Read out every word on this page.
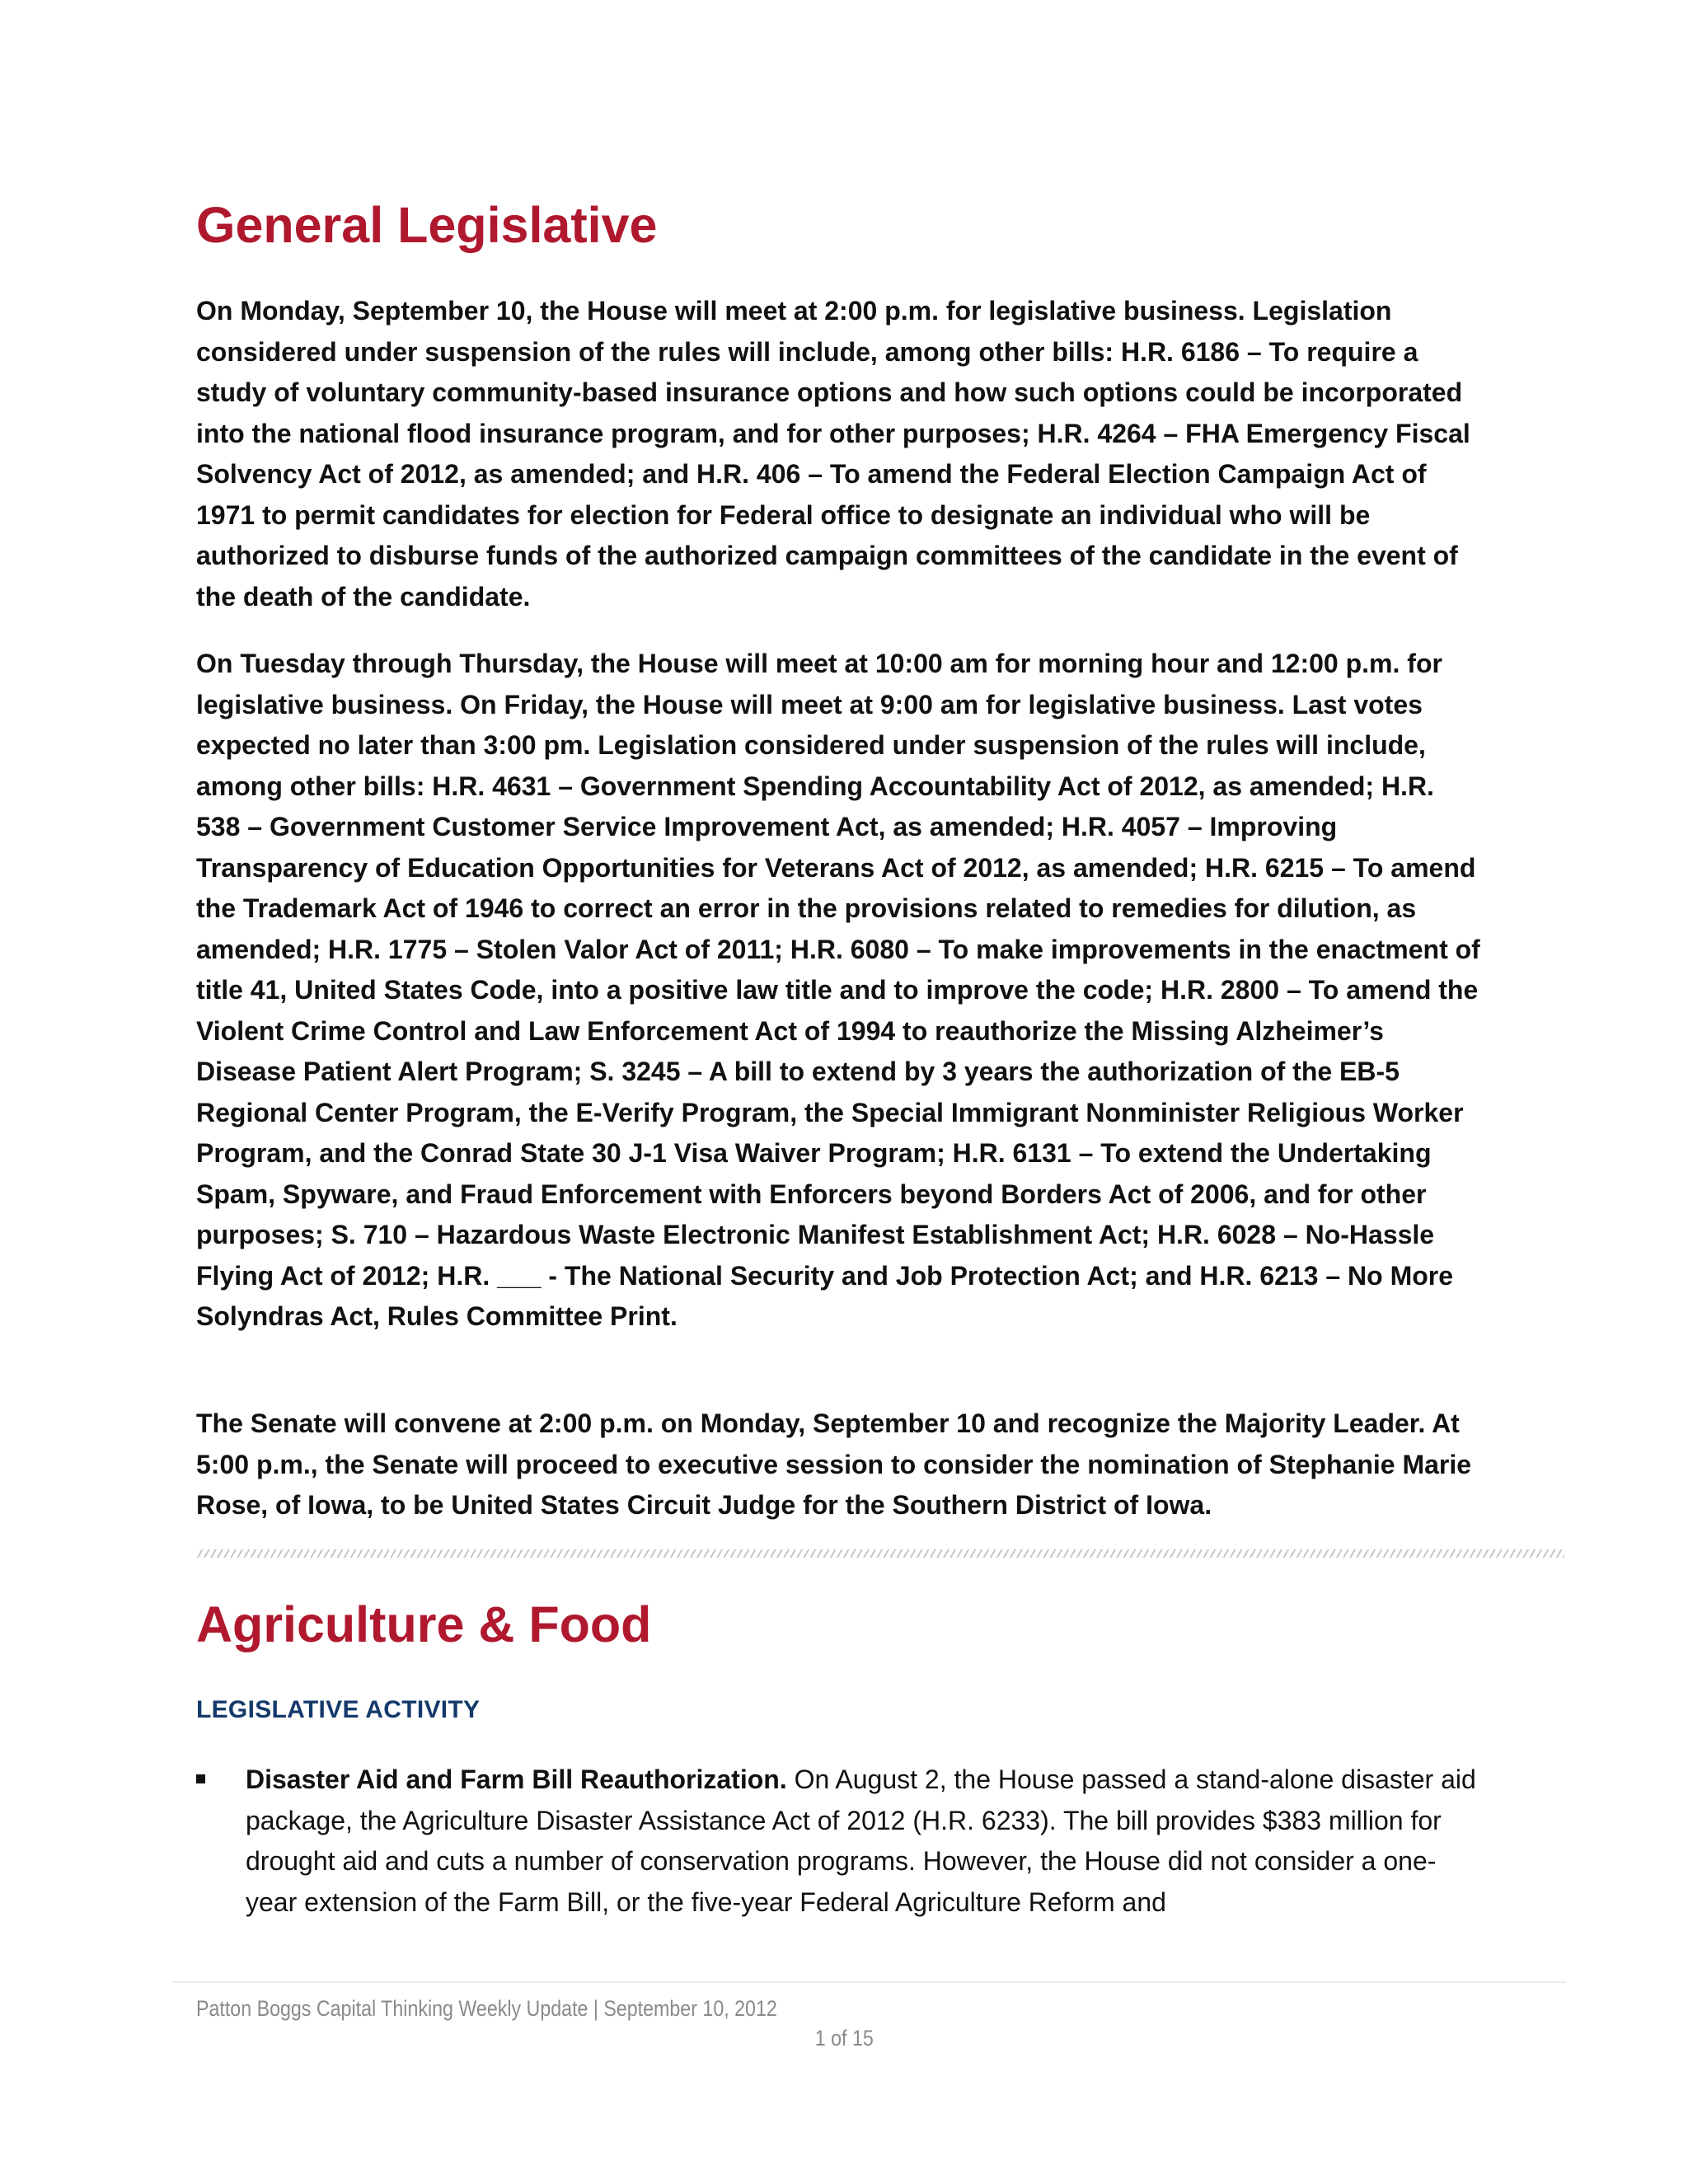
General Legislative

On Monday, September 10, the House will meet at 2:00 p.m. for legislative business. Legislation considered under suspension of the rules will include, among other bills: H.R. 6186 – To require a study of voluntary community-based insurance options and how such options could be incorporated into the national flood insurance program, and for other purposes; H.R. 4264 – FHA Emergency Fiscal Solvency Act of 2012, as amended; and H.R. 406 – To amend the Federal Election Campaign Act of 1971 to permit candidates for election for Federal office to designate an individual who will be authorized to disburse funds of the authorized campaign committees of the candidate in the event of the death of the candidate.

On Tuesday through Thursday, the House will meet at 10:00 am for morning hour and 12:00 p.m. for legislative business. On Friday, the House will meet at 9:00 am for legislative business. Last votes expected no later than 3:00 pm. Legislation considered under suspension of the rules will include, among other bills: H.R. 4631 – Government Spending Accountability Act of 2012, as amended; H.R. 538 – Government Customer Service Improvement Act, as amended; H.R. 4057 – Improving Transparency of Education Opportunities for Veterans Act of 2012, as amended; H.R. 6215 – To amend the Trademark Act of 1946 to correct an error in the provisions related to remedies for dilution, as amended; H.R. 1775 – Stolen Valor Act of 2011; H.R. 6080 – To make improvements in the enactment of title 41, United States Code, into a positive law title and to improve the code; H.R. 2800 – To amend the Violent Crime Control and Law Enforcement Act of 1994 to reauthorize the Missing Alzheimer’s Disease Patient Alert Program; S. 3245 – A bill to extend by 3 years the authorization of the EB-5 Regional Center Program, the E-Verify Program, the Special Immigrant Nonminister Religious Worker Program, and the Conrad State 30 J-1 Visa Waiver Program; H.R. 6131 – To extend the Undertaking Spam, Spyware, and Fraud Enforcement with Enforcers beyond Borders Act of 2006, and for other purposes; S. 710 – Hazardous Waste Electronic Manifest Establishment Act; H.R. 6028 – No-Hassle Flying Act of 2012; H.R. ___ - The National Security and Job Protection Act; and H.R. 6213 – No More Solyndras Act, Rules Committee Print.

The Senate will convene at 2:00 p.m. on Monday, September 10 and recognize the Majority Leader. At 5:00 p.m., the Senate will proceed to executive session to consider the nomination of Stephanie Marie Rose, of Iowa, to be United States Circuit Judge for the Southern District of Iowa.

Agriculture & Food
LEGISLATIVE ACTIVITY

Disaster Aid and Farm Bill Reauthorization. On August 2, the House passed a stand-alone disaster aid package, the Agriculture Disaster Assistance Act of 2012 (H.R. 6233). The bill provides $383 million for drought aid and cuts a number of conservation programs. However, the House did not consider a one-year extension of the Farm Bill, or the five-year Federal Agriculture Reform and

Patton Boggs Capital Thinking Weekly Update | September 10, 2012
1 of 15
